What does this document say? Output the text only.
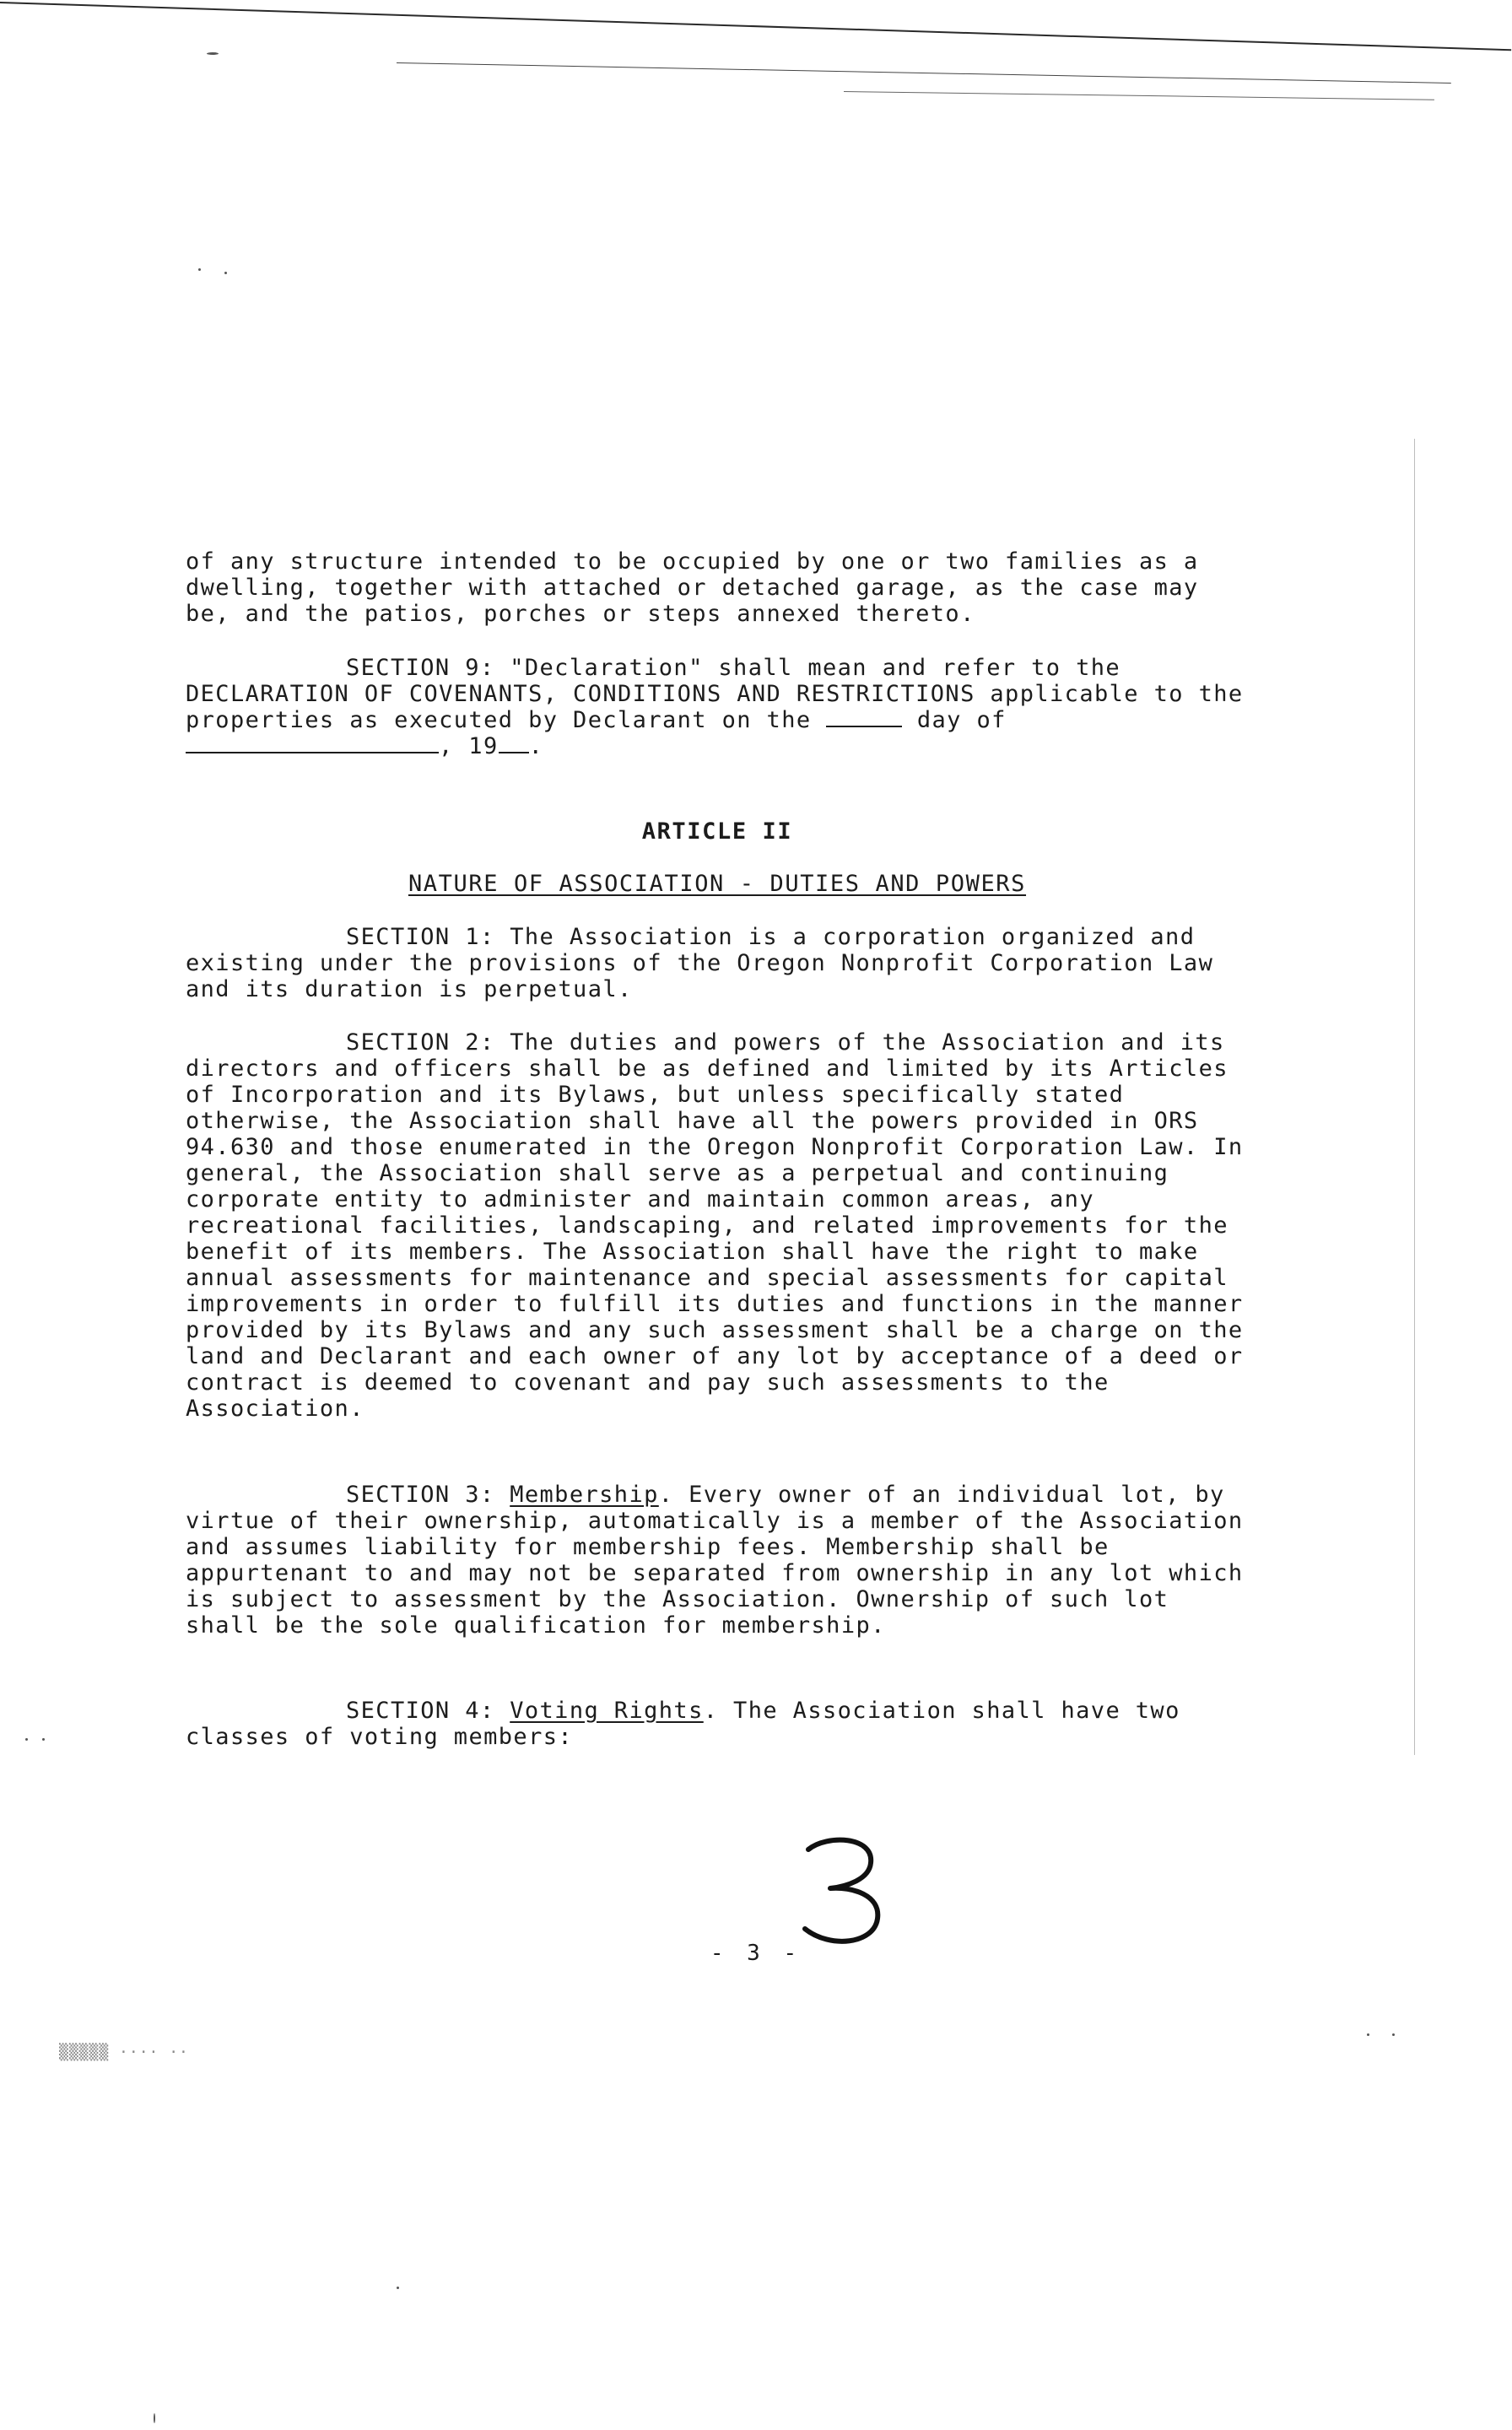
▒▒▒▒▒ ···· ··

of any structure intended to be occupied by one or two families as a dwelling, together with attached or detached garage, as the case may be, and the patios, porches or steps annexed thereto.

SECTION 9: "Declaration" shall mean and refer to the DECLARATION OF COVENANTS, CONDITIONS AND RESTRICTIONS applicable to the properties as executed by Declarant on the	day of
, 19 .

ARTICLE II

NATURE OF ASSOCIATION - DUTIES AND POWERS

SECTION 1: The Association is a corporation organized and existing under the provisions of the Oregon Nonprofit Corporation Law and its duration is perpetual.

SECTION 2: The duties and powers of the Association and its directors and officers shall be as defined and limited by its Articles of Incorporation and its Bylaws, but unless specifically stated otherwise, the Association shall have all the powers provided in ORS 94.630 and those enumerated in the Oregon Nonprofit Corporation Law. In general, the Association shall serve as a perpetual and continuing corporate entity to administer and maintain common areas, any recreational facilities, landscaping, and related improvements for the benefit of its members. The Association shall have the right to make annual assessments for maintenance and special assessments for capital improvements in order to fulfill its duties and functions in the manner provided by its Bylaws and any such assessment shall be a charge on the land and Declarant and each owner of any lot by acceptance of a deed or contract is deemed to covenant and pay such assessments to the Association.

SECTION 3: Membership. Every owner of an individual lot, by virtue of their ownership, automatically is a member of the Association and assumes liability for membership fees. Membership shall be appurtenant to and may not be separated from ownership in any lot which is subject to assessment by the Association. Ownership of such lot shall be the sole qualification for membership.

SECTION 4: Voting Rights. The Association shall have two classes of voting members:

- 3 -
